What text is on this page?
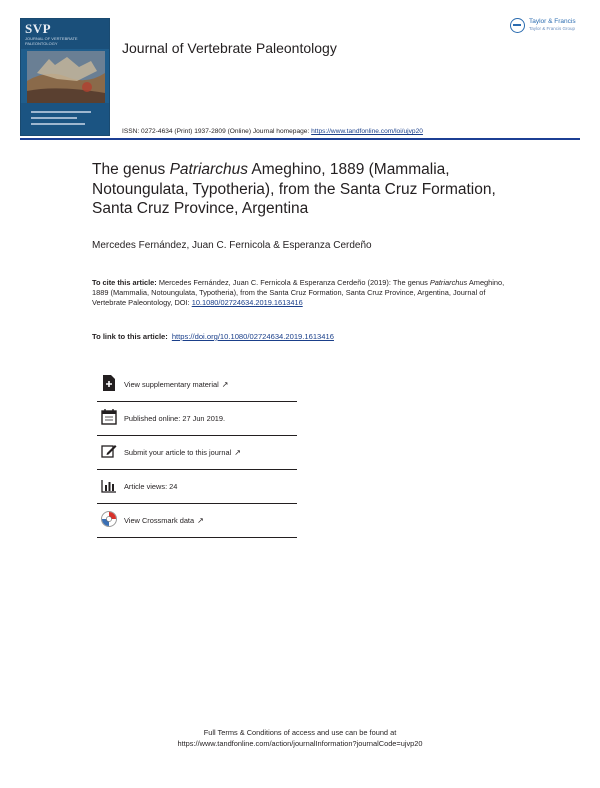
SVP
JOURNAL OF VERTEBRATE PALEONTOLOGY	Journal of Vertebrate Paleontology
Taylor & Francis
Taylor & Francis Group
ISSN: 0272-4634 (Print) 1937-2809 (Online) Journal homepage: https://www.tandfonline.com/loi/ujvp20
The genus Patriarchus Ameghino, 1889 (Mammalia, Notoungulata, Typotheria), from the Santa Cruz Formation, Santa Cruz Province, Argentina
Mercedes Fernández, Juan C. Fernicola & Esperanza Cerdeño
To cite this article: Mercedes Fernández, Juan C. Fernicola & Esperanza Cerdeño (2019): The genus Patriarchus Ameghino, 1889 (Mammalia, Notoungulata, Typotheria), from the Santa Cruz Formation, Santa Cruz Province, Argentina, Journal of Vertebrate Paleontology, DOI: 10.1080/02724634.2019.1613416
To link to this article: https://doi.org/10.1080/02724634.2019.1613416
View supplementary material ↗
Published online: 27 Jun 2019.
Submit your article to this journal ↗
Article views: 24
View Crossmark data ↗
Full Terms & Conditions of access and use can be found at
https://www.tandfonline.com/action/journalInformation?journalCode=ujvp20
